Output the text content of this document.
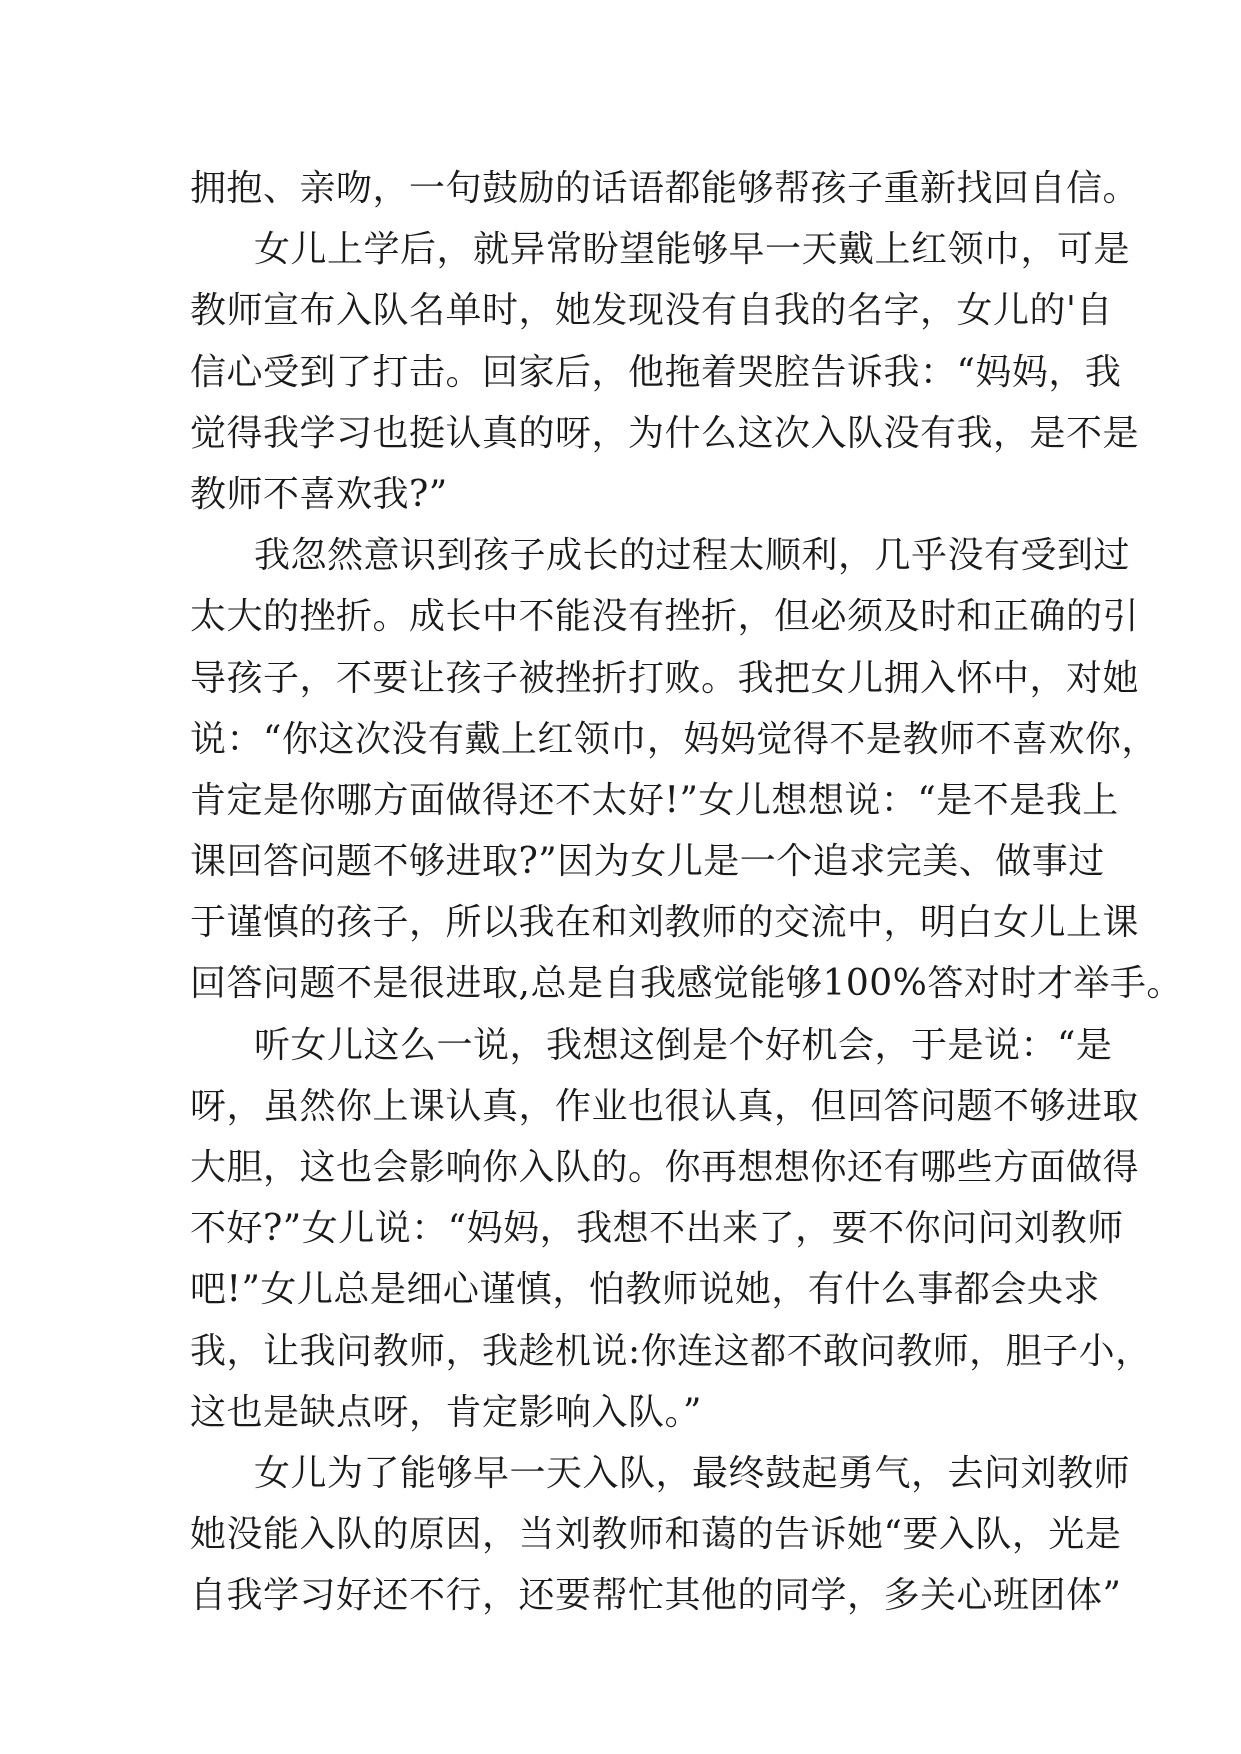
拥抱、亲吻，一句鼓励的话语都能够帮孩子重新找回自信。
女儿上学后，就异常盼望能够早一天戴上红领巾，可是
教师宣布入队名单时，她发现没有自我的名字，女儿的'自
信心受到了打击。回家后，他拖着哭腔告诉我：“妈妈，我
觉得我学习也挺认真的呀，为什么这次入队没有我，是不是
教师不喜欢我?”
我忽然意识到孩子成长的过程太顺利，几乎没有受到过
太大的挫折。成长中不能没有挫折，但必须及时和正确的引
导孩子，不要让孩子被挫折打败。我把女儿拥入怀中，对她
说：“你这次没有戴上红领巾，妈妈觉得不是教师不喜欢你，
肯定是你哪方面做得还不太好!”女儿想想说：“是不是我上
课回答问题不够进取?”因为女儿是一个追求完美、做事过
于谨慎的孩子，所以我在和刘教师的交流中，明白女儿上课
回答问题不是很进取,总是自我感觉能够100%答对时才举手。
听女儿这么一说，我想这倒是个好机会，于是说：“是
呀，虽然你上课认真，作业也很认真，但回答问题不够进取
大胆，这也会影响你入队的。你再想想你还有哪些方面做得
不好?”女儿说：“妈妈，我想不出来了，要不你问问刘教师
吧!”女儿总是细心谨慎，怕教师说她，有什么事都会央求
我，让我问教师，我趁机说:你连这都不敢问教师，胆子小，
这也是缺点呀，肯定影响入队。”
女儿为了能够早一天入队，最终鼓起勇气，去问刘教师
她没能入队的原因，当刘教师和蔼的告诉她“要入队，光是
自我学习好还不行，还要帮忙其他的同学，多关心班团体”
